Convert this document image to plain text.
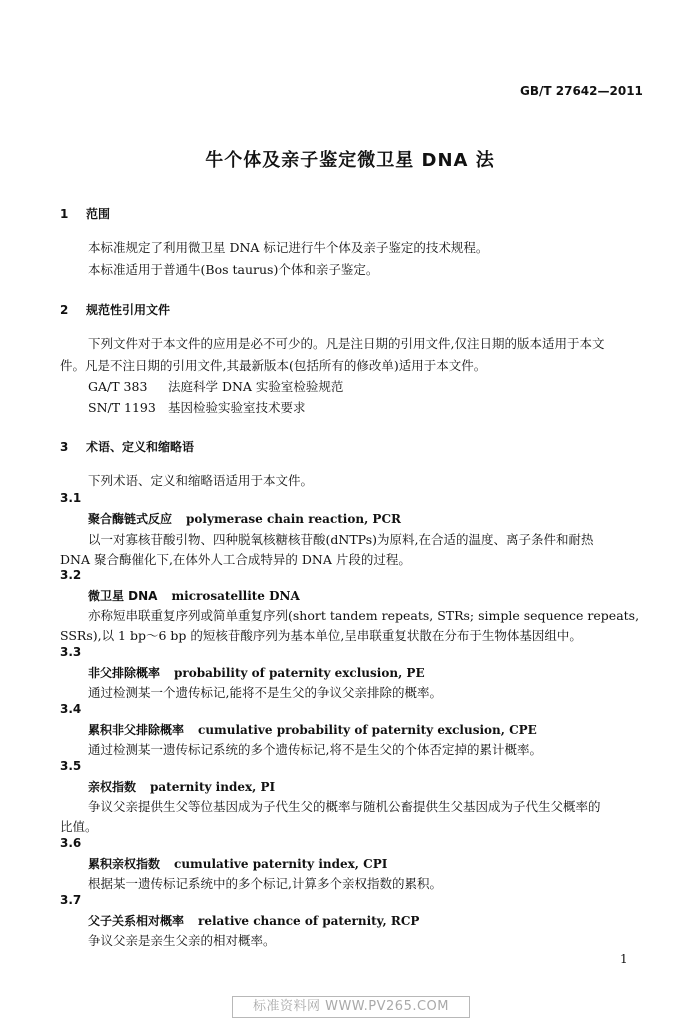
GB/T 27642—2011
牛个体及亲子鉴定微卫星 DNA 法
1 范围
本标准规定了利用微卫星 DNA 标记进行牛个体及亲子鉴定的技术规程。
本标准适用于普通牛(Bos taurus)个体和亲子鉴定。
2 规范性引用文件
下列文件对于本文件的应用是必不可少的。凡是注日期的引用文件,仅注日期的版本适用于本文
件。凡是不注日期的引用文件,其最新版本(包括所有的修改单)适用于本文件。
GA/T 383 法庭科学 DNA 实验室检验规范
SN/T 1193 基因检验实验室技术要求
3 术语、定义和缩略语
下列术语、定义和缩略语适用于本文件。
3.1
聚合酶链式反应 polymerase chain reaction, PCR
以一对寡核苷酸引物、四种脱氧核糖核苷酸(dNTPs)为原料,在合适的温度、离子条件和耐热
DNA 聚合酶催化下,在体外人工合成特异的 DNA 片段的过程。
3.2
微卫星 DNA microsatellite DNA
亦称短串联重复序列或简单重复序列(short tandem repeats, STRs; simple sequence repeats,
SSRs),以 1 bp～6 bp 的短核苷酸序列为基本单位,呈串联重复状散在分布于生物体基因组中。
3.3
非父排除概率 probability of paternity exclusion, PE
通过检测某一个遗传标记,能将不是生父的争议父亲排除的概率。
3.4
累积非父排除概率 cumulative probability of paternity exclusion, CPE
通过检测某一遗传标记系统的多个遗传标记,将不是生父的个体否定掉的累计概率。
3.5
亲权指数 paternity index, PI
争议父亲提供生父等位基因成为子代生父的概率与随机公畜提供生父基因成为子代生父概率的
比值。
3.6
累积亲权指数 cumulative paternity index, CPI
根据某一遗传标记系统中的多个标记,计算多个亲权指数的累积。
3.7
父子关系相对概率 relative chance of paternity, RCP
争议父亲是亲生父亲的相对概率。
1
标准资料网 WWW.PV265.COM
